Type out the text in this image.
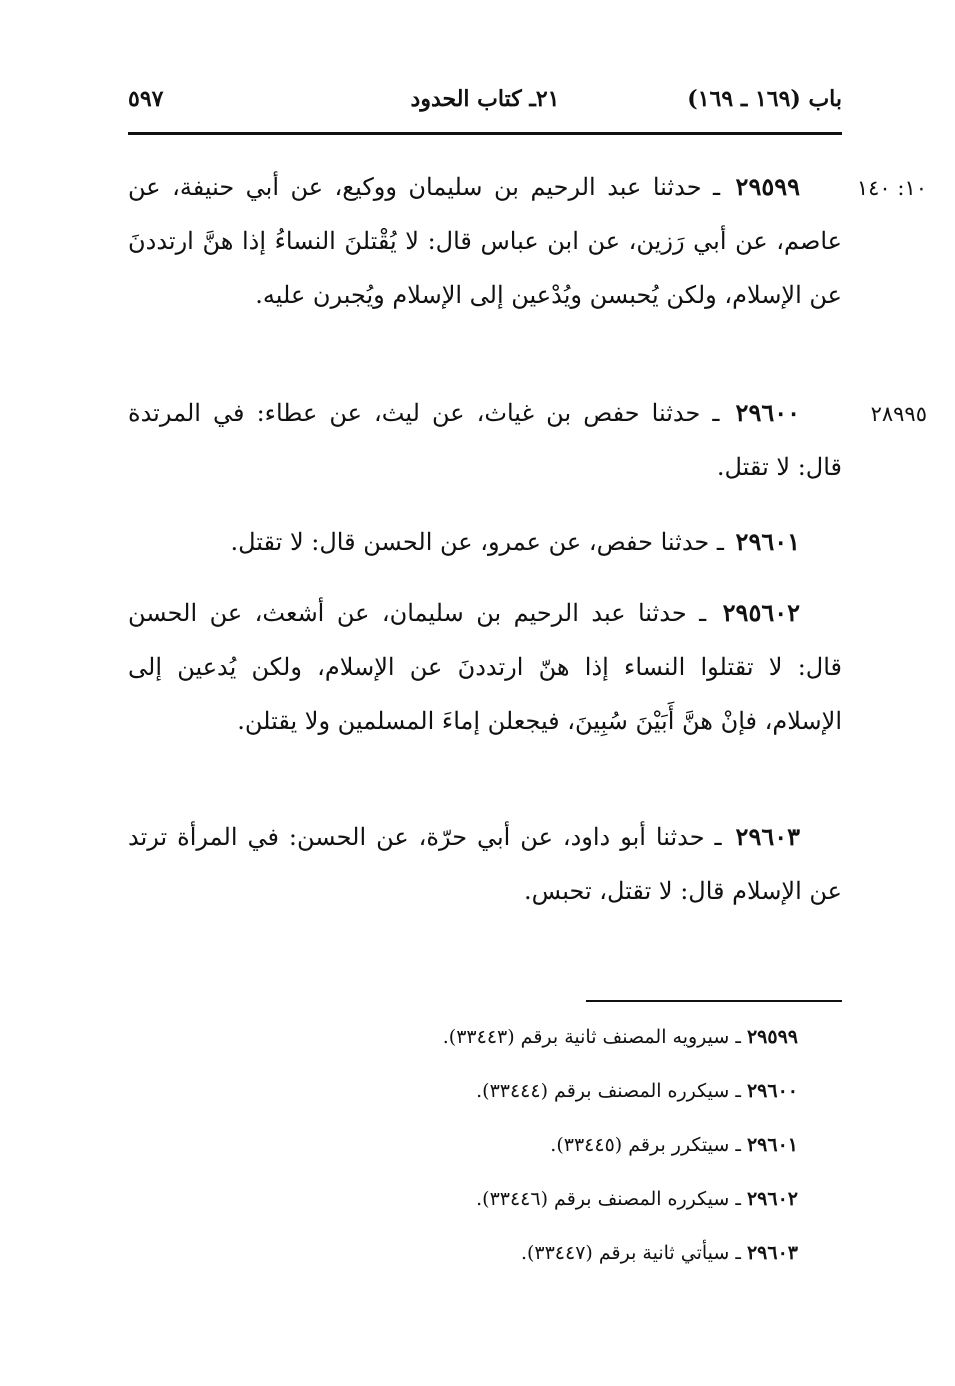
باب (١٦٩ ـ ١٦٩)
٢١ـ كتاب الحدود
٥٩٧
١٠: ١٤٠
٢٩٥٩٩ ـ حدثنا عبد الرحيم بن سليمان ووكيع، عن أبي حنيفة، عن عاصم، عن أبي رَزين، عن ابن عباس قال: لا يُقْتلنَ النساءُ إذا هنَّ ارتددنَ عن الإسلام، ولكن يُحبسن ويُدْعين إلى الإسلام ويُجبرن عليه.
٢٨٩٩٥
٢٩٦٠٠ ـ حدثنا حفص بن غياث، عن ليث، عن عطاء: في المرتدة قال: لا تقتل.
٢٩٦٠١ ـ حدثنا حفص، عن عمرو، عن الحسن قال: لا تقتل.
٢٩٥٦٠٢ ـ حدثنا عبد الرحيم بن سليمان، عن أشعث، عن الحسن قال: لا تقتلوا النساء إذا هنّ ارتددنَ عن الإسلام، ولكن يُدعين إلى الإسلام، فإنْ هنَّ أَبَيْنَ سُبِينَ، فيجعلن إماءَ المسلمين ولا يقتلن.
٢٩٦٠٣ ـ حدثنا أبو داود، عن أبي حرّة، عن الحسن: في المرأة ترتد عن الإسلام قال: لا تقتل، تحبس.
٢٩٥٩٩ ـ سيرويه المصنف ثانية برقم (٣٣٤٤٣).
٢٩٦٠٠ ـ سيكرره المصنف برقم (٣٣٤٤٤).
٢٩٦٠١ ـ سيتكرر برقم (٣٣٤٤٥).
٢٩٦٠٢ ـ سيكرره المصنف برقم (٣٣٤٤٦).
٢٩٦٠٣ ـ سيأتي ثانية برقم (٣٣٤٤٧).
